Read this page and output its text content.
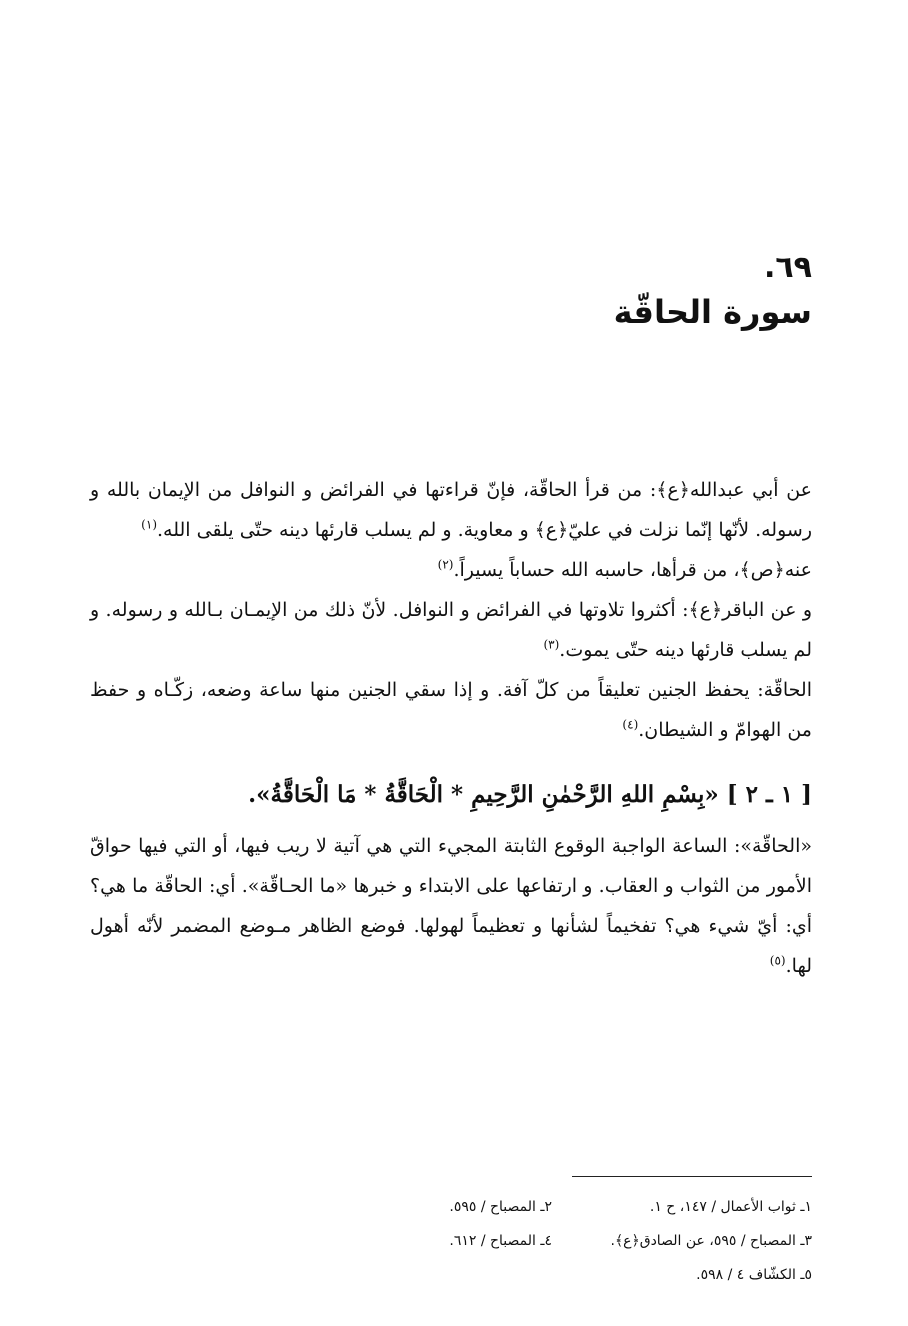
٦٩.
سورة الحاقّة

عن أبي عبدالله﴿ع﴾: من قرأ الحاقّة، فإنّ قراءتها في الفرائض و النوافل من الإيمان بالله و رسوله. لأنّها إنّما نزلت في عليّ﴿ع﴾ و معاوية. و لم يسلب قارئها دينه حتّى يلقى الله.$^{(١)}$

عنه﴿ص﴾، من قرأها، حاسبه الله حساباً يسيراً.$^{(٢)}$

و عن الباقر﴿ع﴾: أكثروا تلاوتها في الفرائض و النوافل. لأنّ ذلك من الإيمـان بـالله و رسوله. و لم يسلب قارئها دينه حتّى يموت.$^{(٣)}$

الحاقّة: يحفظ الجنين تعليقاً من كلّ آفة. و إذا سقي الجنين منها ساعة وضعه، زكّـاه و حفظ من الهوامّ و الشيطان.$^{(٤)}$

[ ١ ـ ٢ ] «بِسْمِ اللهِ الرَّحْمٰنِ الرَّحِيمِ * الْحَاقَّةُ * مَا الْحَاقَّةُ».

«الحاقّة»: الساعة الواجبة الوقوع الثابتة المجيء التي هي آتية لا ريب فيها، أو التي فيها حواقّ الأمور من الثواب و العقاب. و ارتفاعها على الابتداء و خبرها «ما الحـاقّة». أي: الحاقّة ما هي؟ أي: أيّ شيء هي؟ تفخيماً لشأنها و تعظيماً لهولها. فوضع الظاهر مـوضع المضمر لأنّه أهول لها.$^{(٥)}$

١ـ ثواب الأعمال / ١٤٧، ح ١.
٢ـ المصباح / ٥٩٥.
٣ـ المصباح / ٥٩٥، عن الصادق﴿ع﴾.
٤ـ المصباح / ٦١٢.
٥ـ الكشّاف ٤ / ٥٩٨.
